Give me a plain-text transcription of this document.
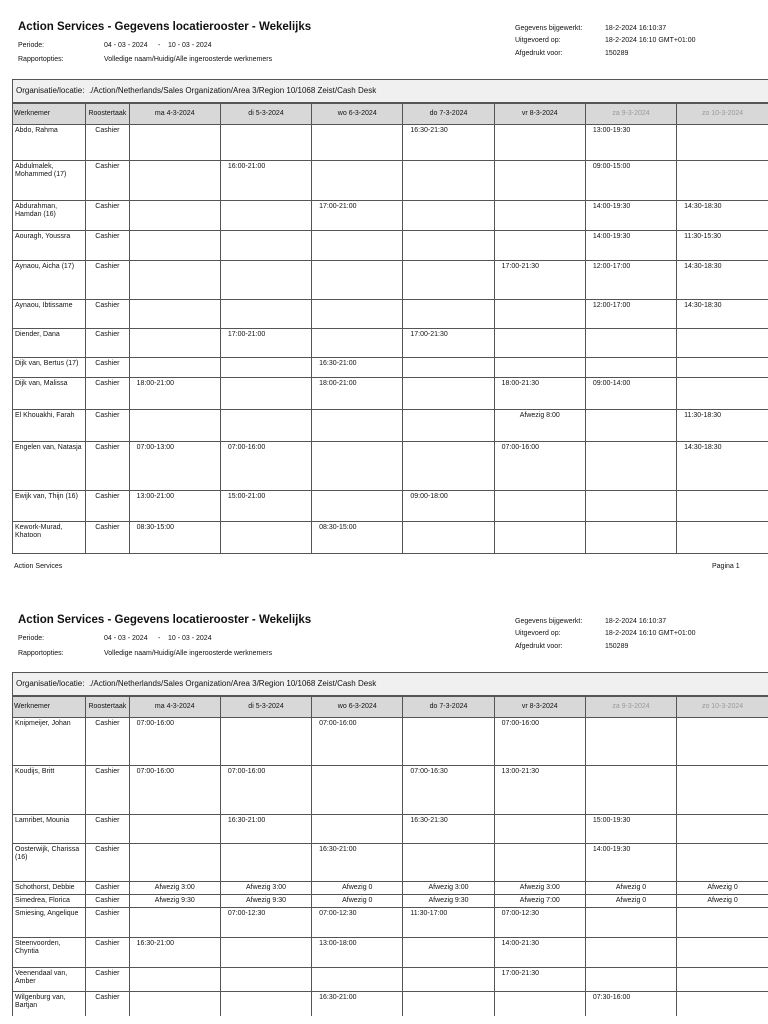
Action Services - Gegevens locatierooster - Wekelijks
Periode:	04 - 03 - 2024 - 10 - 03 - 2024
Rapportopties:	Volledige naam/Huidig/Alle ingeroosterde werknemers
Gegevens bijgewerkt:	18-2-2024 16:10:37
Uitgevoerd op:	18-2-2024 16:10 GMT+01:00
Afgedrukt voor:	150289
Organisatie/locatie: ./Action/Netherlands/Sales Organization/Area 3/Region 10/1068 Zeist/Cash Desk
Werknemer	Roostertaak	ma 4-3-2024	di 5-3-2024	wo 6-3-2024	do 7-3-2024	vr 8-3-2024	za 9-3-2024	zo 10-3-2024
Abdo, Rahma	Cashier				16:30-21:30		13:00-19:30	
Abdulmalek, Mohammed (17)	Cashier		16:00-21:00				09:00-15:00	
Abdurahman, Hamdan (16)	Cashier			17:00-21:00			14:00-19:30	14:30-18:30
Aouragh, Youssra	Cashier						14:00-19:30	11:30-15:30
Aynaou, Aicha (17)	Cashier					17:00-21:30	12:00-17:00	14:30-18:30
Aynaou, Ibtissame	Cashier						12:00-17:00	14:30-18:30
Diender, Dana	Cashier		17:00-21:00		17:00-21:30			
Dijk van, Bertus (17)	Cashier			16:30-21:00				
Dijk van, Malissa	Cashier	18:00-21:00		18:00-21:00		18:00-21:30	09:00-14:00	
El Khouakhi, Farah	Cashier					Afwezig 8:00		11:30-18:30
Engelen van, Natasja	Cashier	07:00-13:00	07:00-16:00			07:00-16:00		14:30-18:30
Ewijk van, Thijn (16)	Cashier	13:00-21:00	15:00-21:00		09:00-18:00			
Kework-Murad, Khatoon	Cashier	08:30-15:00		08:30-15:00				
Action Services	Pagina 1
Action Services - Gegevens locatierooster - Wekelijks
Periode:	04 - 03 - 2024 - 10 - 03 - 2024
Rapportopties:	Volledige naam/Huidig/Alle ingeroosterde werknemers
Gegevens bijgewerkt:	18-2-2024 16:10:37
Uitgevoerd op:	18-2-2024 16:10 GMT+01:00
Afgedrukt voor:	150289
Organisatie/locatie: ./Action/Netherlands/Sales Organization/Area 3/Region 10/1068 Zeist/Cash Desk
Werknemer	Roostertaak	ma 4-3-2024	di 5-3-2024	wo 6-3-2024	do 7-3-2024	vr 8-3-2024	za 9-3-2024	zo 10-3-2024
Knipmeijer, Johan	Cashier	07:00-16:00		07:00-16:00		07:00-16:00		
Koudijs, Britt	Cashier	07:00-16:00	07:00-16:00		07:00-16:30	13:00-21:30		
Lamribet, Mounia	Cashier		16:30-21:00		16:30-21:30		15:00-19:30	
Oosterwijk, Charissa (16)	Cashier			16:30-21:00			14:00-19:30	
Schothorst, Debbie	Cashier	Afwezig 3:00	Afwezig 3:00	Afwezig 0	Afwezig 3:00	Afwezig 3:00	Afwezig 0	Afwezig 0
Simedrea, Florica	Cashier	Afwezig 9:30	Afwezig 9:30	Afwezig 0	Afwezig 9:30	Afwezig 7:00	Afwezig 0	Afwezig 0
Smiesing, Angelique	Cashier		07:00-12:30	07:00-12:30	11:30-17:00	07:00-12:30		
Steenvoorden, Chyntia	Cashier	16:30-21:00		13:00-18:00		14:00-21:30		
Veenendaal van, Amber	Cashier					17:00-21:30		
Wilgenburg van, Bartjan	Cashier			16:30-21:00			07:30-16:00	
